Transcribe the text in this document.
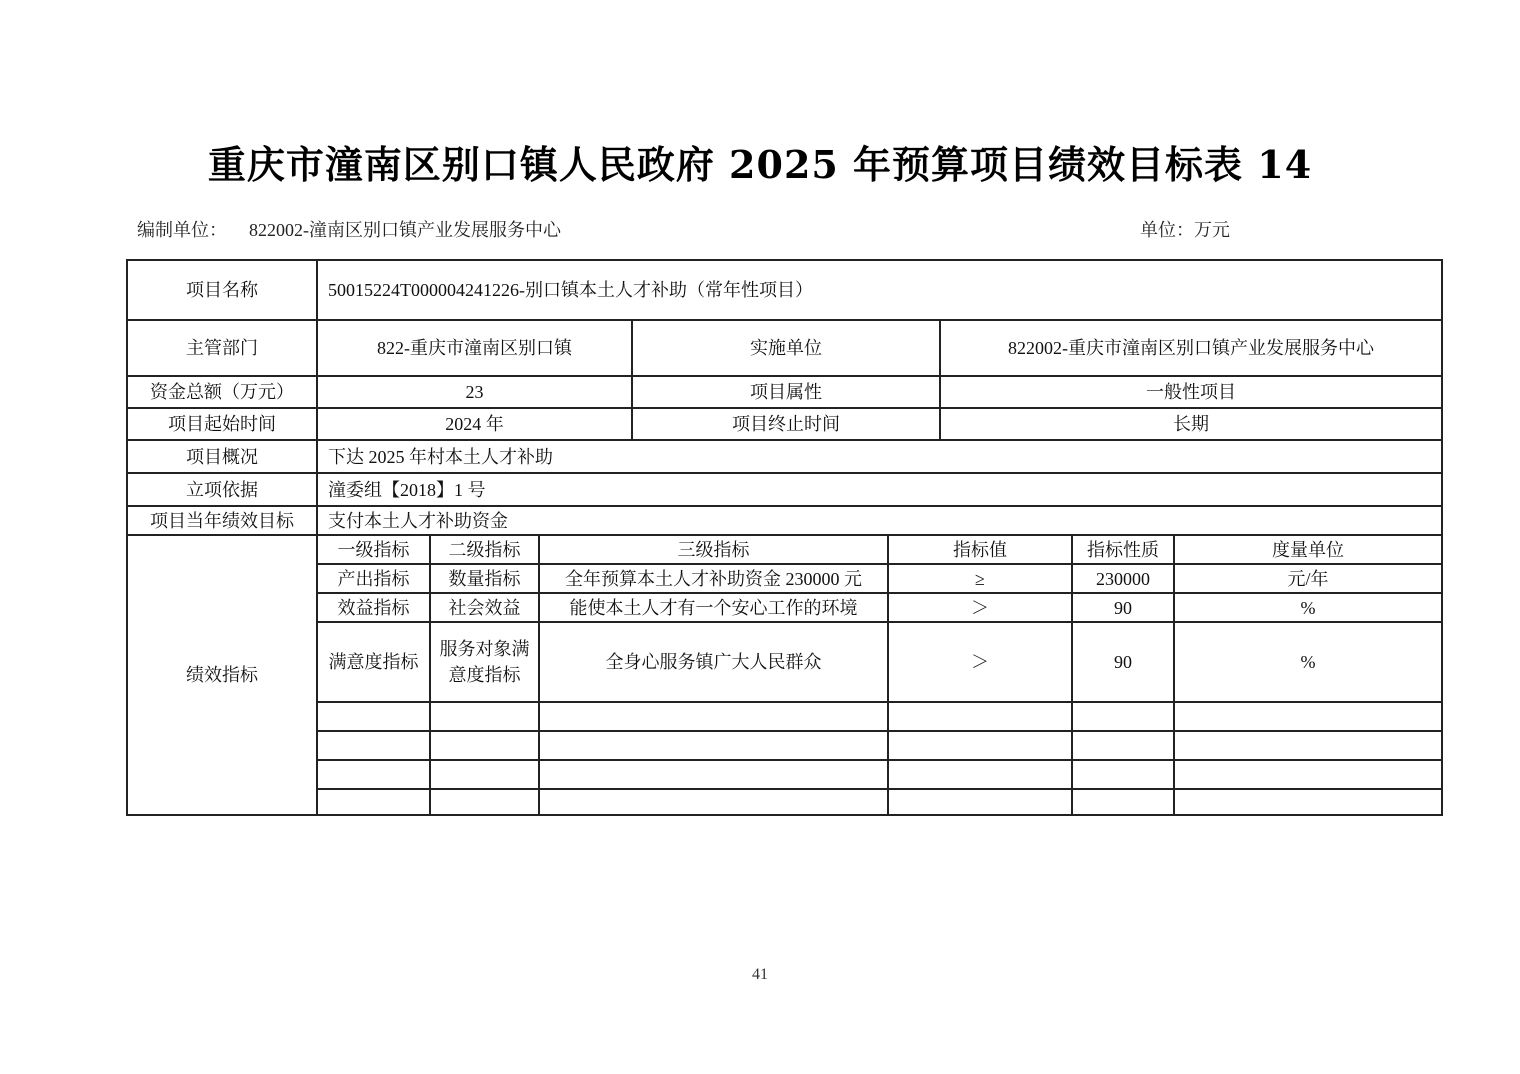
重庆市潼南区别口镇人民政府 2025 年预算项目绩效目标表 14
编制单位： 822002-潼南区别口镇产业发展服务中心	单位：万元
项目名称	50015224T000004241226-别口镇本土人才补助（常年性项目）							
主管部门	822-重庆市潼南区别口镇			实施单位		822002-重庆市潼南区别口镇产业发展服务中心		
资金总额（万元）	23			项目属性		一般性项目		
项目起始时间	2024 年			项目终止时间		长期		
项目概况	下达 2025 年村本土人才补助							
立项依据	潼委组【2018】1 号							
项目当年绩效目标	支付本土人才补助资金							
绩效指标	一级指标	二级指标	三级指标		指标值		指标性质	度量单位
	产出指标	数量指标	全年预算本土人才补助资金 230000 元		≥		230000	元/年
	效益指标	社会效益	能使本土人才有一个安心工作的环境		＞		90	%
	满意度指标	服务对象满意度指标	全身心服务镇广大人民群众		＞		90	%

41
